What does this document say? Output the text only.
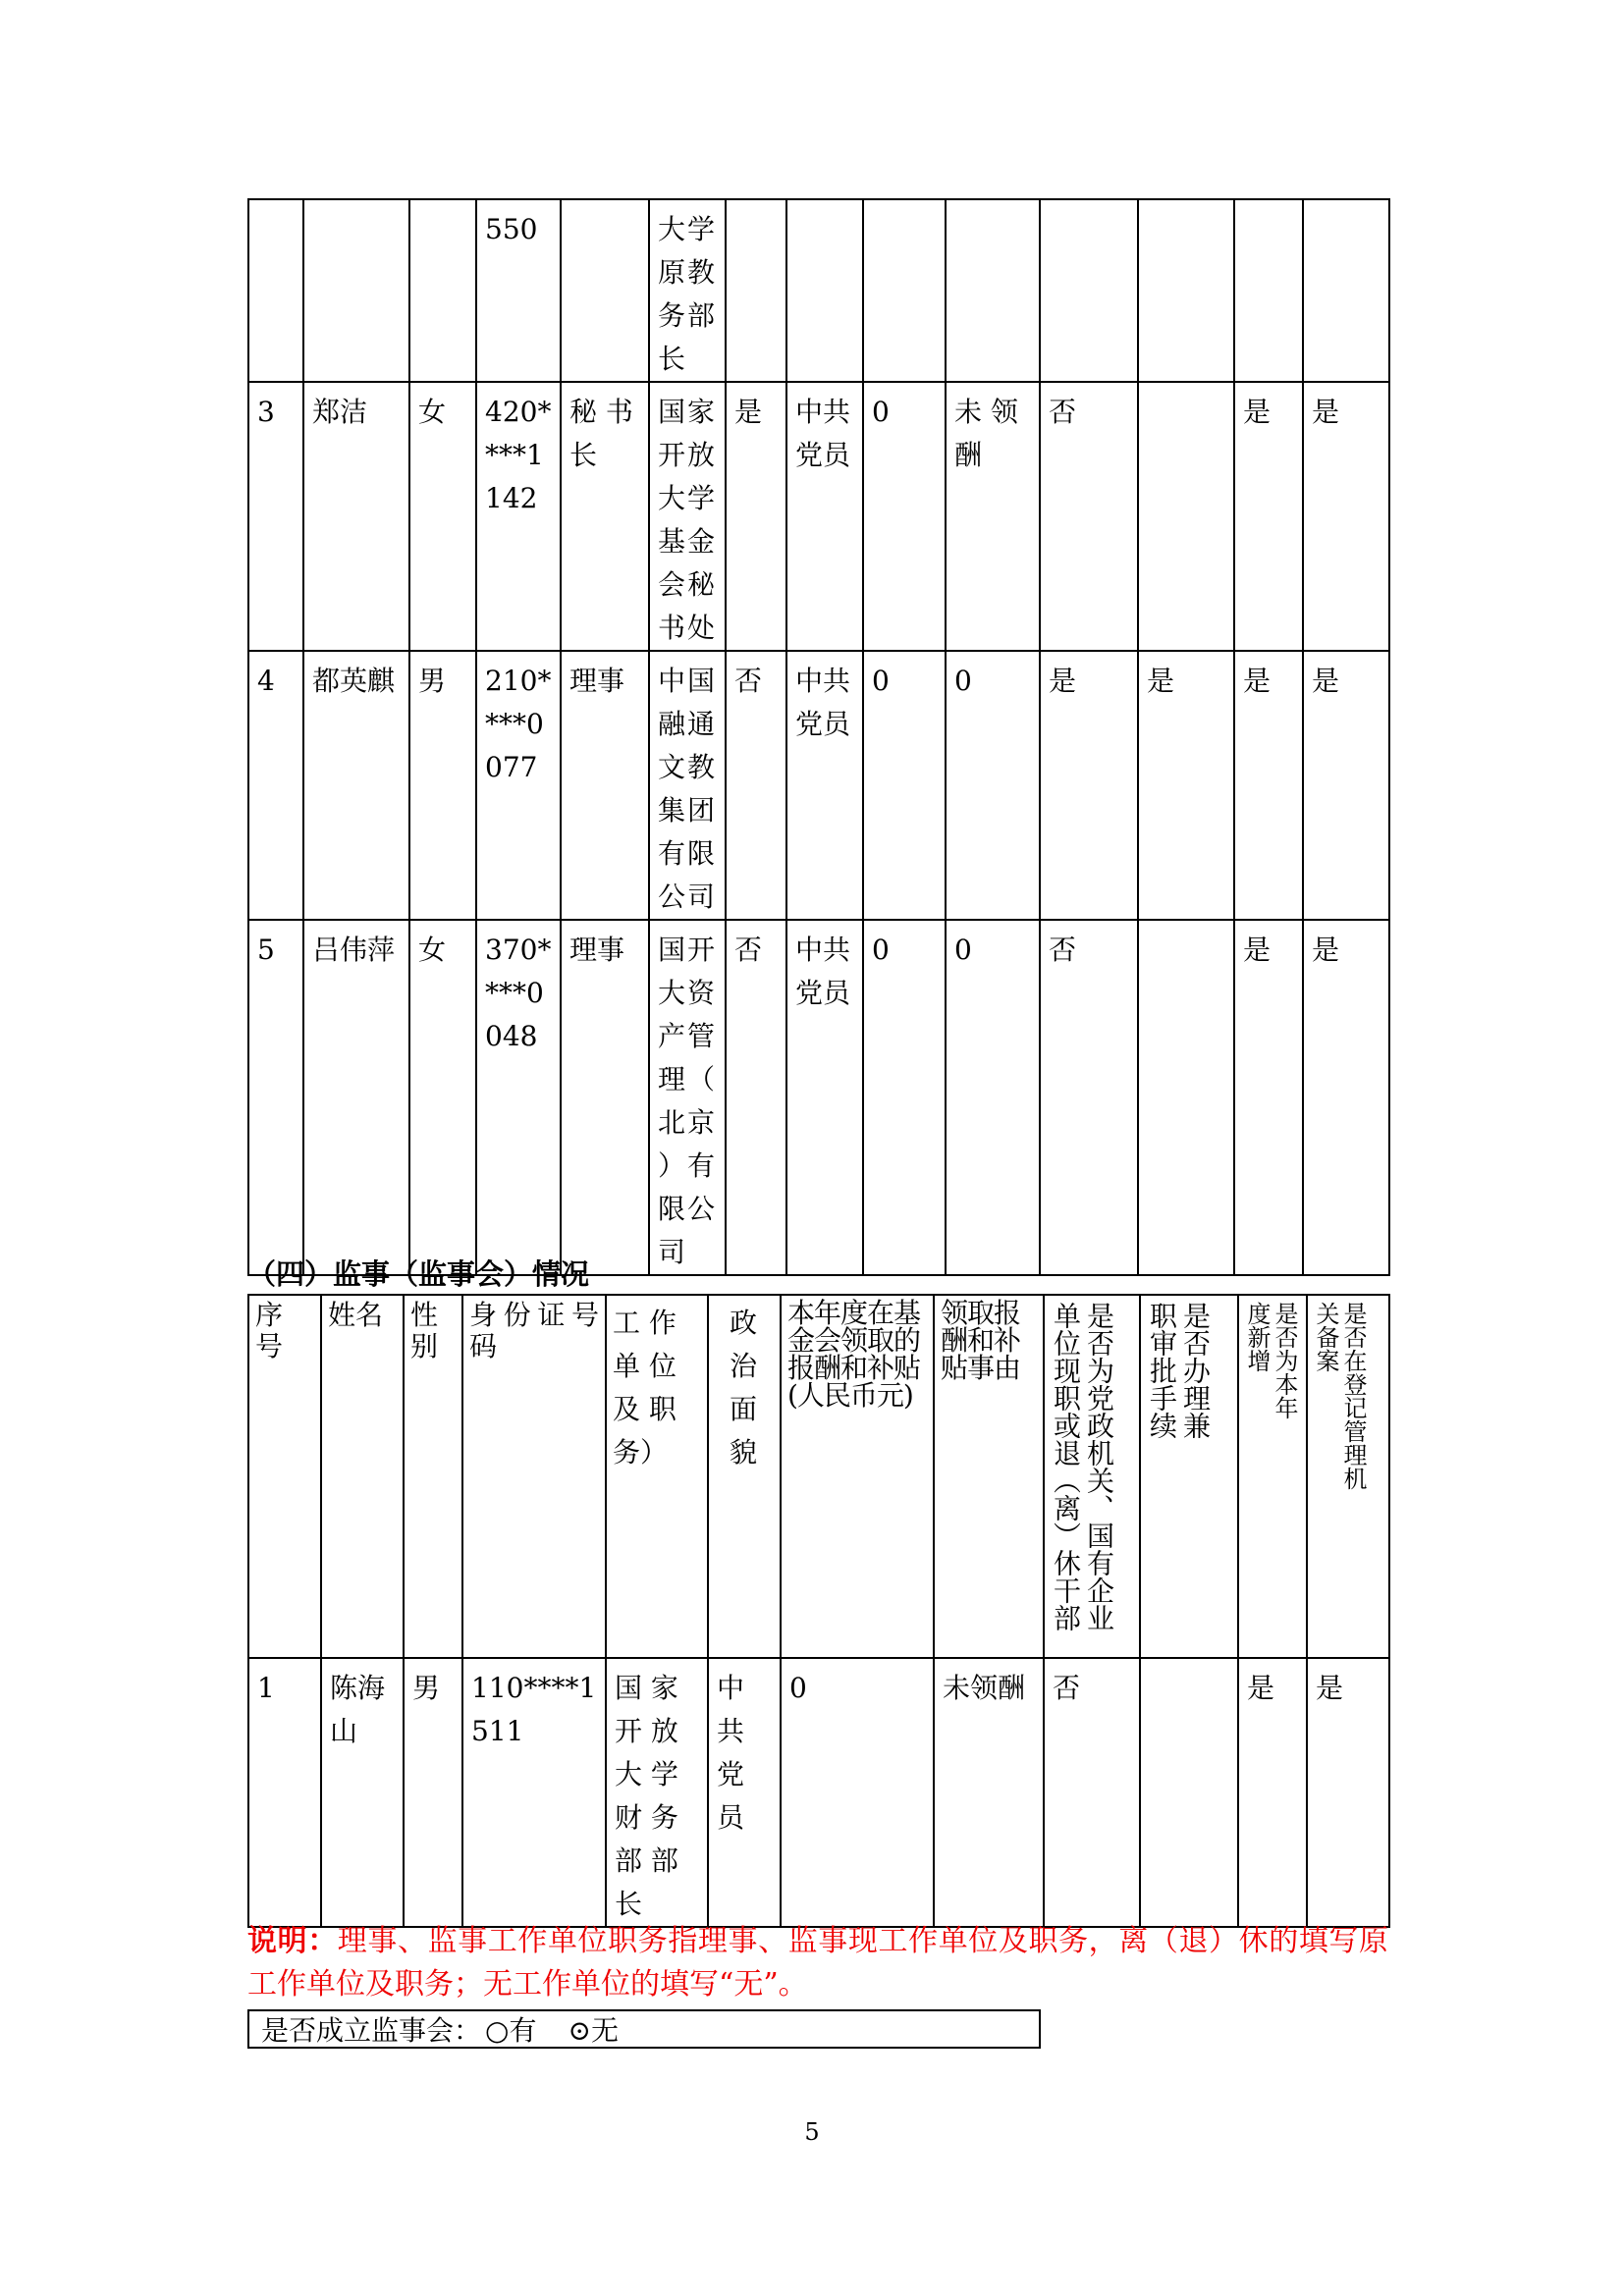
			550		大学原教务部长								

3	郑洁	女	420*
***1
142	秘 书 长	国家开放大学基金会秘书处	是	中共党员	0	未 领 酬	否		是	是

4	都英麒	男	210*
***0
077	理事	中国融通文教集团有限公司	否	中共党员	0	0	是	是	是	是

5	吕伟萍	女	370*
***0
048	理事	国开大资产管理（ 北京 ）有限公司	否	中共党员	0	0	否		是	是
（四）监事（监事会）情况
序号	姓名	性别	身份证号码	工 作单 位及 职务）	政治面貌	本年度在基金会领取的报酬和补贴(人民币元)	领取报酬和补贴事由	是否为党政机关、国有企业单位现职或退（离）休干部	是否办理兼职审批手续	是否为本年度新增	是否在登记管理机关备案

1	陈海山	男	110****1511	国 家开 放大 学财 务部 部长	中共党员	0	未领酬	否		是	是
说明：理事、监事工作单位职务指理事、监事现工作单位及职务，离（退）休的填写原工作单位及职务；无工作单位的填写“无”。
是否成立监事会： ○有 ⊙无
5
